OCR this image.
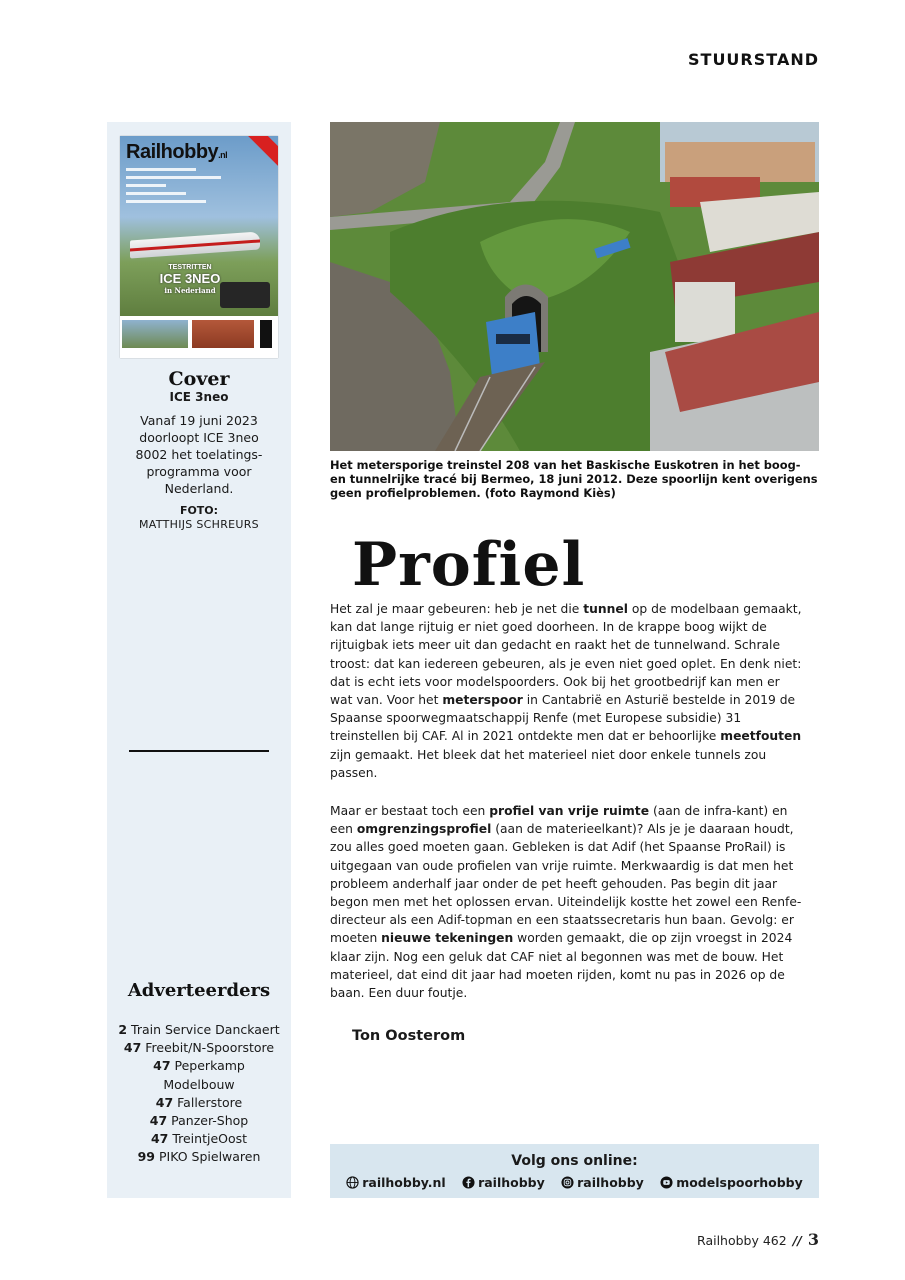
STUURSTAND
Railhobby.nl
TESTRITTEN
ICE 3NEO
in Nederland
Cover
ICE 3neo
Vanaf 19 juni 2023 doorloopt ICE 3neo 8002 het toelatings-programma voor Nederland.
FOTO:
MATTHIJS SCHREURS
Adverteerders
2 Train Service Danckaert
47 Freebit/N-Spoorstore
47 Peperkamp Modelbouw
47 Fallerstore
47 Panzer-Shop
47 TreintjeOost
99 PIKO Spielwaren
Het metersporige treinstel 208 van het Baskische Euskotren in het boog- en tunnelrijke tracé bij Bermeo, 18 juni 2012. Deze spoorlijn kent overigens geen profielproblemen. (foto Raymond Kiès)
Profiel
Het zal je maar gebeuren: heb je net die tunnel op de modelbaan gemaakt, kan dat lange rijtuig er niet goed doorheen. In de krappe boog wijkt de rijtuigbak iets meer uit dan gedacht en raakt het de tunnelwand. Schrale troost: dat kan iedereen gebeuren, als je even niet goed oplet. En denk niet: dat is echt iets voor modelspoorders. Ook bij het grootbedrijf kan men er wat van. Voor het meterspoor in Cantabrië en Asturië bestelde in 2019 de Spaanse spoorwegmaatschappij Renfe (met Europese subsidie) 31 treinstellen bij CAF. Al in 2021 ontdekte men dat er behoorlijke meetfouten zijn gemaakt. Het bleek dat het materieel niet door enkele tunnels zou passen.
Maar er bestaat toch een profiel van vrije ruimte (aan de infra-kant) en een omgrenzingsprofiel (aan de materieelkant)? Als je je daaraan houdt, zou alles goed moeten gaan. Gebleken is dat Adif (het Spaanse ProRail) is uitgegaan van oude profielen van vrije ruimte. Merkwaardig is dat men het probleem anderhalf jaar onder de pet heeft gehouden. Pas begin dit jaar begon men met het oplossen ervan. Uiteindelijk kostte het zowel een Renfe-directeur als een Adif-topman en een staatssecretaris hun baan. Gevolg: er moeten nieuwe tekeningen worden gemaakt, die op zijn vroegst in 2024 klaar zijn. Nog een geluk dat CAF niet al begonnen was met de bouw. Het materieel, dat eind dit jaar had moeten rijden, komt nu pas in 2026 op de baan. Een duur foutje.
Ton Oosterom
Volg ons online:
railhobby.nl	railhobby	railhobby	modelspoorhobby
Railhobby 462 // 3
